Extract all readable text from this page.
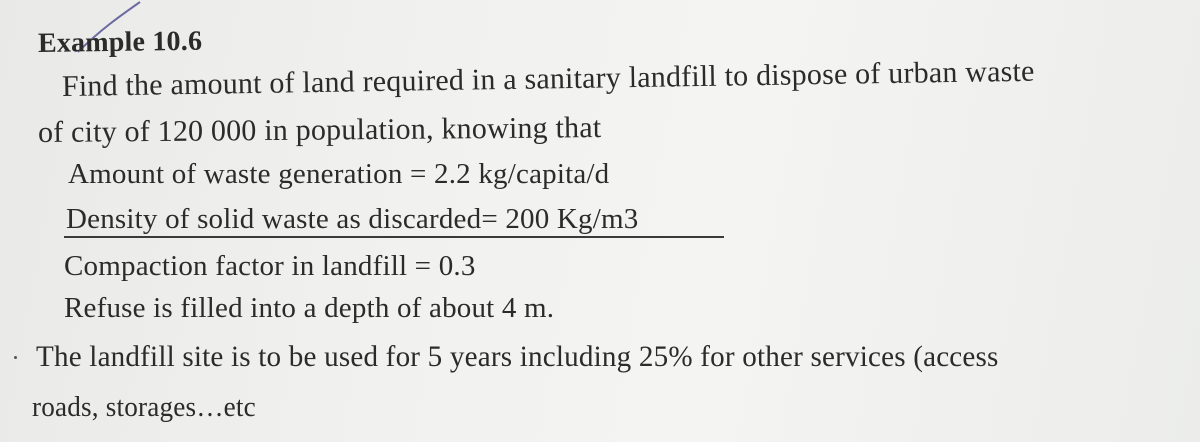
Example 10.6
Find the amount of land required in a sanitary landfill to dispose of urban waste
of city of 120 000 in population, knowing that
Amount of waste generation = 2.2 kg/capita/d
Density of solid waste as discarded= 200 Kg/m3
Compaction factor in landfill = 0.3
Refuse is filled into a depth of about 4 m.
The landfill site is to be used for 5 years including 25% for other services (access
roads, storages…etc
